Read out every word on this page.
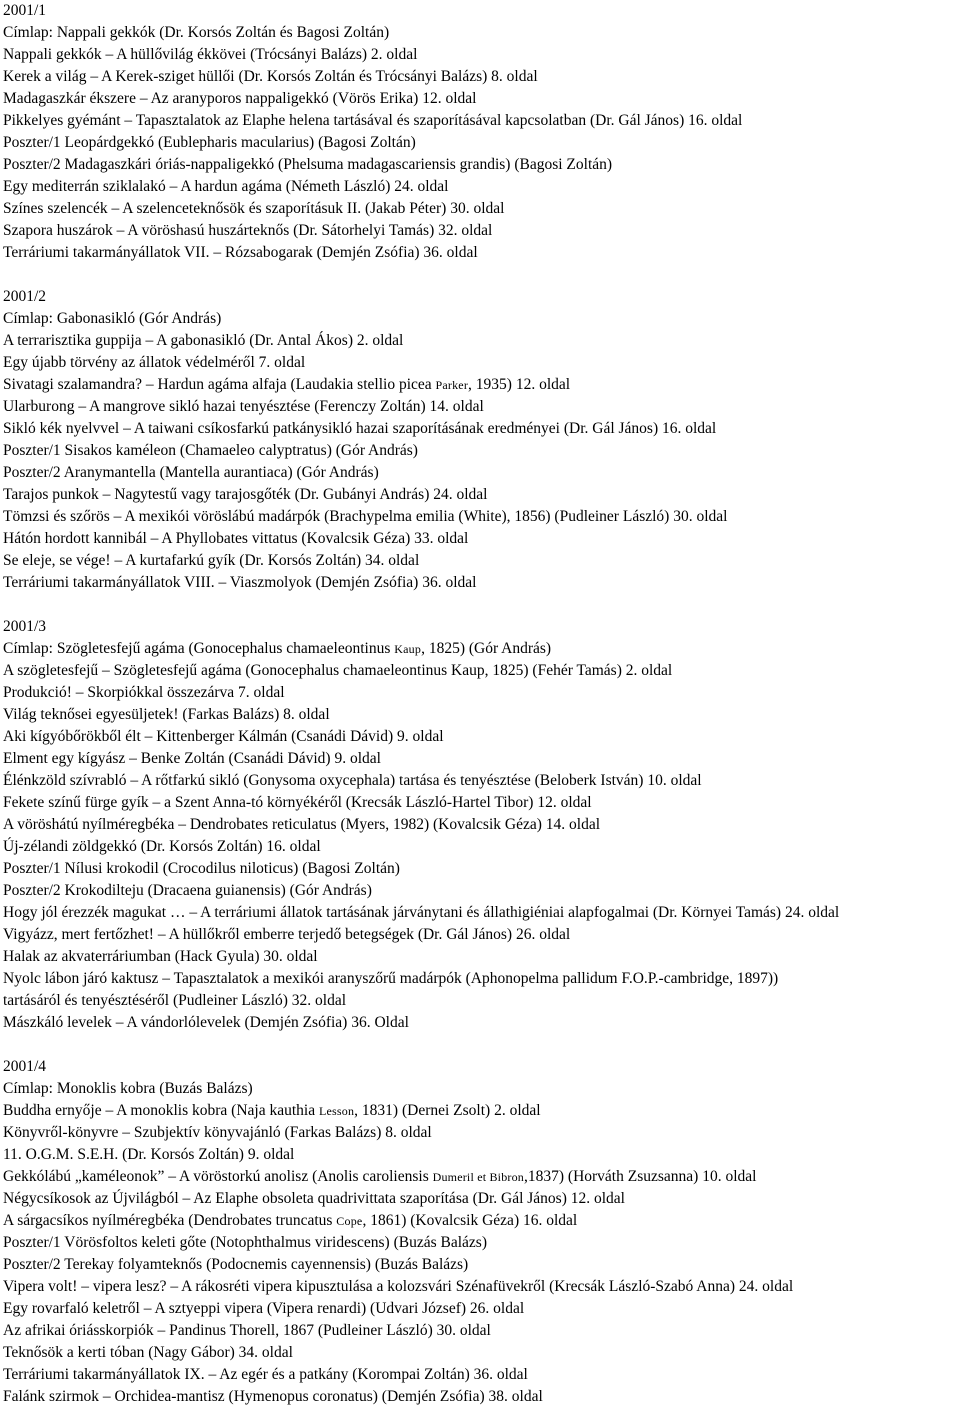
2001/1
Címlap: Nappali gekkók (Dr. Korsós Zoltán és Bagosi Zoltán)
Nappali gekkók – A hüllővilág ékkövei (Trócsányi Balázs) 2. oldal
Kerek a világ – A Kerek-sziget hüllői (Dr. Korsós Zoltán és Trócsányi Balázs) 8. oldal
Madagaszkár ékszere – Az aranyporos nappaligekkó (Vörös Erika) 12. oldal
Pikkelyes gyémánt – Tapasztalatok az Elaphe helena tartásával és szaporításával kapcsolatban (Dr. Gál János) 16. oldal
Poszter/1 Leopárdgekkó (Eublepharis macularius) (Bagosi Zoltán)
Poszter/2 Madagaszkári óriás-nappaligekkó (Phelsuma madagascariensis grandis) (Bagosi Zoltán)
Egy mediterrán sziklalakó – A hardun agáma (Németh László) 24. oldal
Színes szelencék – A szelenceteknősök és szaporításuk II. (Jakab Péter) 30. oldal
Szapora huszárok – A vöröshasú huszárteknős (Dr. Sátorhelyi Tamás) 32. oldal
Terráriumi takarmányállatok VII. – Rózsabogarak (Demjén Zsófia) 36. oldal
2001/2
Címlap: Gabonasikló (Gór András)
A terrarisztika guppija – A gabonasikló (Dr. Antal Ákos) 2. oldal
Egy újabb törvény az állatok védelméről 7. oldal
Sivatagi szalamandra? – Hardun agáma alfaja (Laudakia stellio picea Parker, 1935) 12. oldal
Ularburong – A mangrove sikló hazai tenyésztése (Ferenczy Zoltán) 14. oldal
Sikló kék nyelvvel – A taiwani csíkosfarkú patkánysikló hazai szaporításának eredményei (Dr. Gál János) 16. oldal
Poszter/1 Sisakos kaméleon (Chamaeleo calyptratus) (Gór András)
Poszter/2 Aranymantella (Mantella aurantiaca) (Gór András)
Tarajos punkok – Nagytestű vagy tarajosgőték (Dr. Gubányi András) 24. oldal
Tömzsi és szőrös – A mexikói vöröslábú madárpók (Brachypelma emilia (White), 1856) (Pudleiner László) 30. oldal
Hátón hordott kannibál – A Phyllobates vittatus (Kovalcsik Géza) 33. oldal
Se eleje, se vége! – A kurtafarkú gyík (Dr. Korsós Zoltán) 34. oldal
Terráriumi takarmányállatok VIII. – Viaszmolyok (Demjén Zsófia) 36. oldal
2001/3
Címlap: Szögletesfejű agáma (Gonocephalus chamaeleontinus Kaup, 1825) (Gór András)
A szögletesfejű – Szögletesfejű agáma (Gonocephalus chamaeleontinus Kaup, 1825) (Fehér Tamás) 2. oldal
Produkció! – Skorpiókkal összezárva 7. oldal
Világ teknősei egyesüljetek! (Farkas Balázs) 8. oldal
Aki kígyóbőrökből élt – Kittenberger Kálmán (Csanádi Dávid) 9. oldal
Elment egy kígyász – Benke Zoltán (Csanádi Dávid) 9. oldal
Élénkzöld szívrabló – A rőtfarkú sikló (Gonysoma oxycephala) tartása és tenyésztése (Beloberk István) 10. oldal
Fekete színű fürge gyík – a Szent Anna-tó környékéről (Krecsák László-Hartel Tibor) 12. oldal
A vöröshátú nyílméregbéka – Dendrobates reticulatus (Myers, 1982) (Kovalcsik Géza) 14. oldal
Új-zélandi zöldgekkó (Dr. Korsós Zoltán) 16. oldal
Poszter/1 Nílusi krokodil (Crocodilus niloticus) (Bagosi Zoltán)
Poszter/2 Krokodilteju (Dracaena guianensis) (Gór András)
Hogy jól érezzék magukat … – A terráriumi állatok tartásának járványtani és állathigiéniai alapfogalmai (Dr. Környei Tamás) 24. oldal
Vigyázz, mert fertőzhet! – A hüllőkről emberre terjedő betegségek (Dr. Gál János) 26. oldal
Halak az akvaterráriumban (Hack Gyula) 30. oldal
Nyolc lábon járó kaktusz – Tapasztalatok a mexikói aranyszőrű madárpók (Aphonopelma pallidum F.O.P.-cambridge, 1897))
tartásáról és tenyésztéséről (Pudleiner László) 32. oldal
Mászkáló levelek – A vándorlólevelek (Demjén Zsófia) 36. Oldal
2001/4
Címlap: Monoklis kobra (Buzás Balázs)
Buddha ernyője – A monoklis kobra (Naja kauthia Lesson, 1831) (Dernei Zsolt) 2. oldal
Könyvről-könyvre – Szubjektív könyvajánló (Farkas Balázs) 8. oldal
11. O.G.M. S.E.H. (Dr. Korsós Zoltán) 9. oldal
Gekkólábú „kaméleonok” – A vöröstorkú anolisz (Anolis caroliensis Dumeril et Bibron,1837) (Horváth Zsuzsanna) 10. oldal
Négycsíkosok az Újvilágból – Az Elaphe obsoleta quadrivittata szaporítása (Dr. Gál János) 12. oldal
A sárgacsíkos nyílméregbéka (Dendrobates truncatus Cope, 1861) (Kovalcsik Géza) 16. oldal
Poszter/1 Vörösfoltos keleti gőte (Notophthalmus viridescens) (Buzás Balázs)
Poszter/2 Terekay folyamteknős (Podocnemis cayennensis) (Buzás Balázs)
Vipera volt! – vipera lesz? – A rákosréti vipera kipusztulása a kolozsvári Szénafüvekről (Krecsák László-Szabó Anna) 24. oldal
Egy rovarfaló keletről – A sztyeppi vipera (Vipera renardi) (Udvari József) 26. oldal
Az afrikai óriásskorpiók – Pandinus Thorell, 1867 (Pudleiner László) 30. oldal
Teknősök a kerti tóban (Nagy Gábor) 34. oldal
Terráriumi takarmányállatok IX. – Az egér és a patkány (Korompai Zoltán) 36. oldal
Falánk szirmok – Orchidea-mantisz (Hymenopus coronatus) (Demjén Zsófia) 38. oldal
